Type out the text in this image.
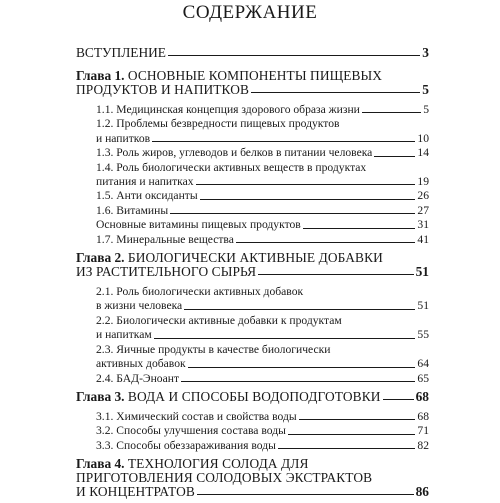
СОДЕРЖАНИЕ
ВСТУПЛЕНИЕ	3
Глава 1. ОСНОВНЫЕ КОМПОНЕНТЫ ПИЩЕВЫХ
ПРОДУКТОВ И НАПИТКОВ	5
1.1. Медицинская концепция здорового образа жизни	5
1.2. Проблемы безвредности пищевых продуктов
и напитков	10
1.3. Роль жиров, углеводов и белков в питании человека	14
1.4. Роль биологически активных веществ в продуктах
питания и напитках	19
1.5. Анти оксиданты	26
1.6. Витамины	27
Основные витамины пищевых продуктов	31
1.7. Минеральные вещества	41
Глава 2. БИОЛОГИЧЕСКИ АКТИВНЫЕ ДОБАВКИ
ИЗ РАСТИТЕЛЬНОГО СЫРЬЯ	51
2.1. Роль биологически активных добавок
в жизни человека	51
2.2. Биологически активные добавки к продуктам
и напиткам	55
2.3. Яичные продукты в качестве биологически
активных добавок	64
2.4. БАД-Эноант	65
Глава 3. ВОДА И СПОСОБЫ ВОДОПОДГОТОВКИ	68
3.1. Химический состав и свойства воды	68
3.2. Способы улучшения состава воды	71
3.3. Способы обеззараживания воды	82
Глава 4. ТЕХНОЛОГИЯ СОЛОДА ДЛЯ
ПРИГОТОВЛЕНИЯ СОЛОДОВЫХ ЭКСТРАКТОВ
И КОНЦЕНТРАТОВ	86
